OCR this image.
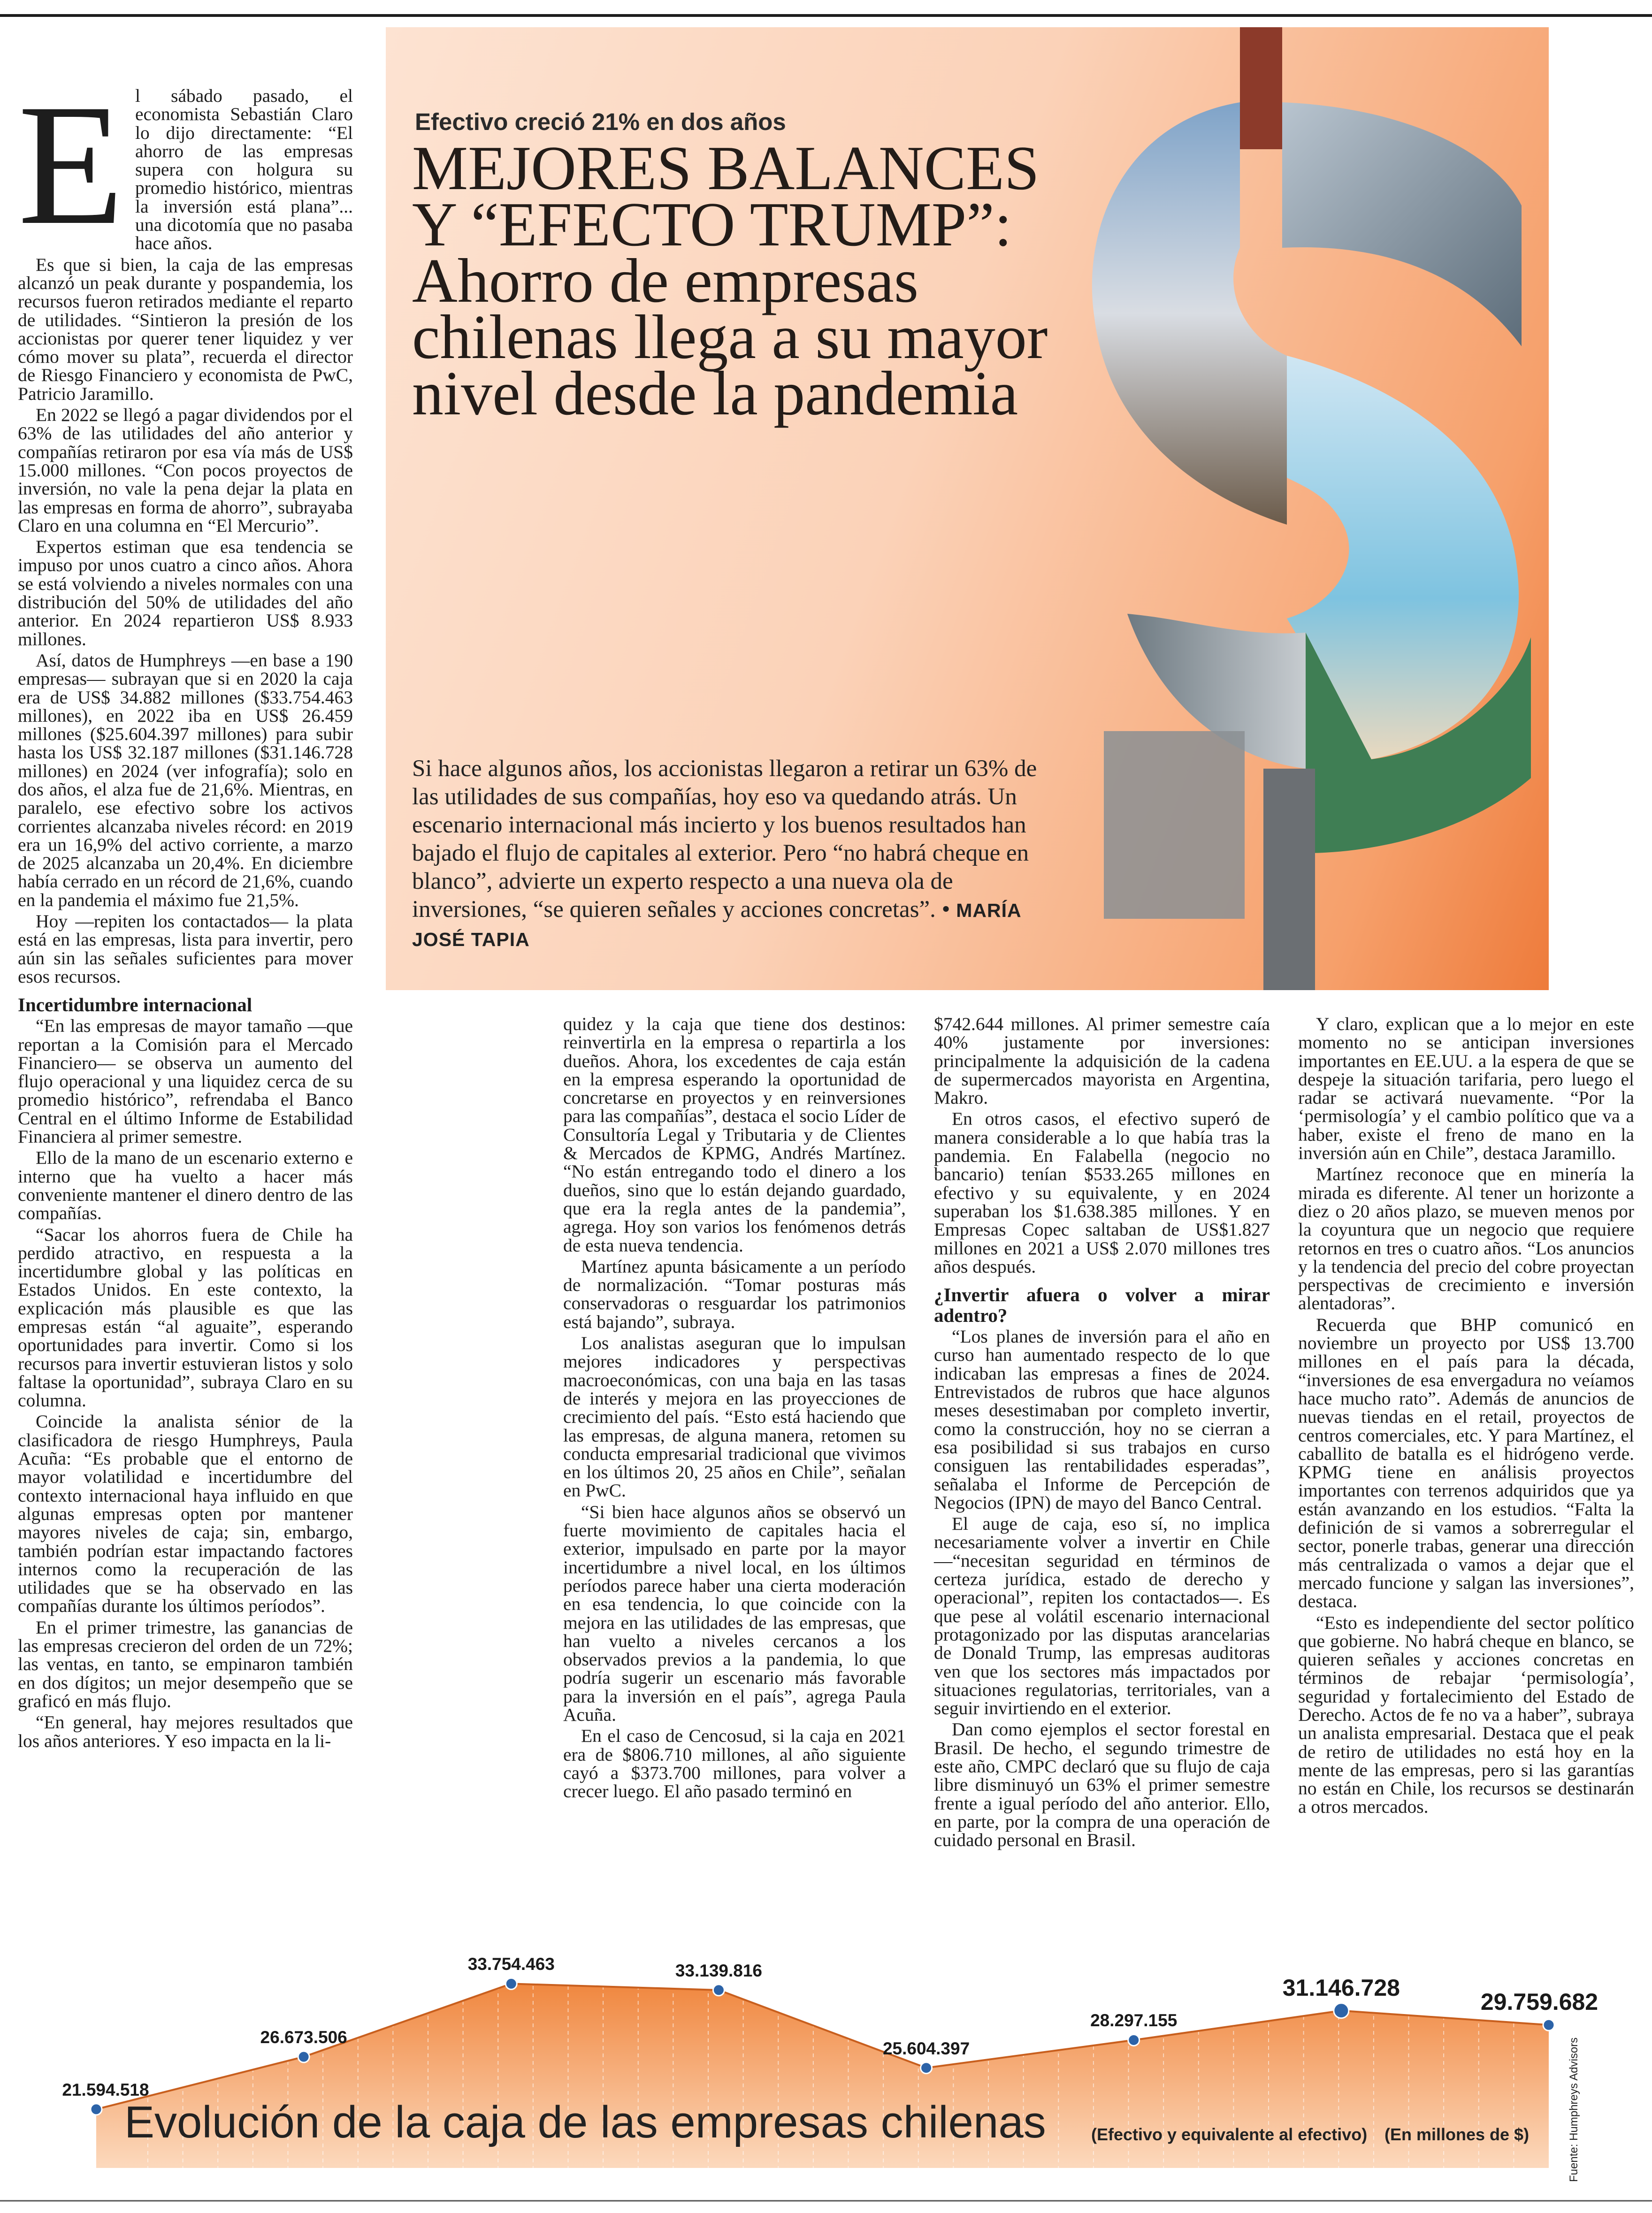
E l sábado pasado, el economista Sebastián Claro lo dijo directamente: “El ahorro de las empresas supera con holgura su promedio histórico, mientras la inversión está plana”... una dicotomía que no pasaba hace años.

Es que si bien, la caja de las empresas alcanzó un peak durante y pospandemia, los recursos fueron retirados mediante el reparto de utilidades. “Sintieron la presión de los accionistas por querer tener liquidez y ver cómo mover su plata”, recuerda el director de Riesgo Financiero y economista de PwC, Patricio Jaramillo.

En 2022 se llegó a pagar dividendos por el 63% de las utilidades del año anterior y compañías retiraron por esa vía más de US$ 15.000 millones. “Con pocos proyectos de inversión, no vale la pena dejar la plata en las empresas en forma de ahorro”, subrayaba Claro en una columna en “El Mercurio”.

Expertos estiman que esa tendencia se impuso por unos cuatro a cinco años. Ahora se está volviendo a niveles normales con una distribución del 50% de utilidades del año anterior. En 2024 repartieron US$ 8.933 millones.

Así, datos de Humphreys —en base a 190 empresas— subrayan que si en 2020 la caja era de US$ 34.882 millones ($33.754.463 millones), en 2022 iba en US$ 26.459 millones ($25.604.397 millones) para subir hasta los US$ 32.187 millones ($31.146.728 millones) en 2024 (ver infografía); solo en dos años, el alza fue de 21,6%. Mientras, en paralelo, ese efectivo sobre los activos corrientes alcanzaba niveles récord: en 2019 era un 16,9% del activo corriente, a marzo de 2025 alcanzaba un 20,4%. En diciembre había cerrado en un récord de 21,6%, cuando en la pandemia el máximo fue 21,5%.

Hoy —repiten los contactados— la plata está en las empresas, lista para invertir, pero aún sin las señales suficientes para mover esos recursos.

Incertidumbre internacional

“En las empresas de mayor tamaño —que reportan a la Comisión para el Mercado Financiero— se observa un aumento del flujo operacional y una liquidez cerca de su promedio histórico”, refrendaba el Banco Central en el último Informe de Estabilidad Financiera al primer semestre.

Ello de la mano de un escenario externo e interno que ha vuelto a hacer más conveniente mantener el dinero dentro de las compañías.

“Sacar los ahorros fuera de Chile ha perdido atractivo, en respuesta a la incertidumbre global y las políticas en Estados Unidos. En este contexto, la explicación más plausible es que las empresas están “al aguaite”, esperando oportunidades para invertir. Como si los recursos para invertir estuvieran listos y solo faltase la oportunidad”, subraya Claro en su columna.

Coincide la analista sénior de la clasificadora de riesgo Humphreys, Paula Acuña: “Es probable que el entorno de mayor volatilidad e incertidumbre del contexto internacional haya influido en que algunas empresas opten por mantener mayores niveles de caja; sin, embargo, también podrían estar impactando factores internos como la recuperación de las utilidades que se ha observado en las compañías durante los últimos períodos”.

En el primer trimestre, las ganancias de las empresas crecieron del orden de un 72%; las ventas, en tanto, se empinaron también en dos dígitos; un mejor desempeño que se graficó en más flujo.

“En general, hay mejores resultados que los años anteriores. Y eso impacta en la li-

Efectivo creció 21% en dos años
MEJORES BALANCES Y “EFECTO TRUMP”: Ahorro de empresas chilenas llega a su mayor nivel desde la pandemia
Si hace algunos años, los accionistas llegaron a retirar un 63% de las utilidades de sus compañías, hoy eso va quedando atrás. Un escenario internacional más incierto y los buenos resultados han bajado el flujo de capitales al exterior. Pero “no habrá cheque en blanco”, advierte un experto respecto a una nueva ola de inversiones, “se quieren señales y acciones concretas”. • MARÍA JOSÉ TAPIA

quidez y la caja que tiene dos destinos: reinvertirla en la empresa o repartirla a los dueños. Ahora, los excedentes de caja están en la empresa esperando la oportunidad de concretarse en proyectos y en reinversiones para las compañías”, destaca el socio Líder de Consultoría Legal y Tributaria y de Clientes & Mercados de KPMG, Andrés Martínez. “No están entregando todo el dinero a los dueños, sino que lo están dejando guardado, que era la regla antes de la pandemia”, agrega. Hoy son varios los fenómenos detrás de esta nueva tendencia.

Martínez apunta básicamente a un período de normalización. “Tomar posturas más conservadoras o resguardar los patrimonios está bajando”, subraya.

Los analistas aseguran que lo impulsan mejores indicadores y perspectivas macroeconómicas, con una baja en las tasas de interés y mejora en las proyecciones de crecimiento del país. “Esto está haciendo que las empresas, de alguna manera, retomen su conducta empresarial tradicional que vivimos en los últimos 20, 25 años en Chile”, señalan en PwC.

“Si bien hace algunos años se observó un fuerte movimiento de capitales hacia el exterior, impulsado en parte por la mayor incertidumbre a nivel local, en los últimos períodos parece haber una cierta moderación en esa tendencia, lo que coincide con la mejora en las utilidades de las empresas, que han vuelto a niveles cercanos a los observados previos a la pandemia, lo que podría sugerir un escenario más favorable para la inversión en el país”, agrega Paula Acuña.

En el caso de Cencosud, si la caja en 2021 era de $806.710 millones, al año siguiente cayó a $373.700 millones, para volver a crecer luego. El año pasado terminó en

$742.644 millones. Al primer semestre caía 40% justamente por inversiones: principalmente la adquisición de la cadena de supermercados mayorista en Argentina, Makro.

En otros casos, el efectivo superó de manera considerable a lo que había tras la pandemia. En Falabella (negocio no bancario) tenían $533.265 millones en efectivo y su equivalente, y en 2024 superaban los $1.638.385 millones. Y en Empresas Copec saltaban de US$1.827 millones en 2021 a US$ 2.070 millones tres años después.

¿Invertir afuera o volver a mirar adentro?

“Los planes de inversión para el año en curso han aumentado respecto de lo que indicaban las empresas a fines de 2024. Entrevistados de rubros que hace algunos meses desestimaban por completo invertir, como la construcción, hoy no se cierran a esa posibilidad si sus trabajos en curso consiguen las rentabilidades esperadas”, señalaba el Informe de Percepción de Negocios (IPN) de mayo del Banco Central.

El auge de caja, eso sí, no implica necesariamente volver a invertir en Chile —“necesitan seguridad en términos de certeza jurídica, estado de derecho y operacional”, repiten los contactados—. Es que pese al volátil escenario internacional protagonizado por las disputas arancelarias de Donald Trump, las empresas auditoras ven que los sectores más impactados por situaciones regulatorias, territoriales, van a seguir invirtiendo en el exterior.

Dan como ejemplos el sector forestal en Brasil. De hecho, el segundo trimestre de este año, CMPC declaró que su flujo de caja libre disminuyó un 63% el primer semestre frente a igual período del año anterior. Ello, en parte, por la compra de una operación de cuidado personal en Brasil.

Y claro, explican que a lo mejor en este momento no se anticipan inversiones importantes en EE.UU. a la espera de que se despeje la situación tarifaria, pero luego el radar se activará nuevamente. “Por la ‘permisología’ y el cambio político que va a haber, existe el freno de mano en la inversión aún en Chile”, destaca Jaramillo.

Martínez reconoce que en minería la mirada es diferente. Al tener un horizonte a diez o 20 años plazo, se mueven menos por la coyuntura que un negocio que requiere retornos en tres o cuatro años. “Los anuncios y la tendencia del precio del cobre proyectan perspectivas de crecimiento e inversión alentadoras”.

Recuerda que BHP comunicó en noviembre un proyecto por US$ 13.700 millones en el país para la década, “inversiones de esa envergadura no veíamos hace mucho rato”. Además de anuncios de nuevas tiendas en el retail, proyectos de centros comerciales, etc. Y para Martínez, el caballito de batalla es el hidrógeno verde. KPMG tiene en análisis proyectos importantes con terrenos adquiridos que ya están avanzando en los estudios. “Falta la definición de si vamos a sobrerregular el sector, ponerle trabas, generar una dirección más centralizada o vamos a dejar que el mercado funcione y salgan las inversiones”, destaca.

“Esto es independiente del sector político que gobierne. No habrá cheque en blanco, se quieren señales y acciones concretas en términos de rebajar ‘permisología’, seguridad y fortalecimiento del Estado de Derecho. Actos de fe no va a haber”, subraya un analista empresarial. Destaca que el peak de retiro de utilidades no está hoy en la mente de las empresas, pero si las garantías no están en Chile, los recursos se destinarán a otros mercados.

21.594.518
26.673.506
33.754.463	33.139.816
25.604.397
28.297.155
31.146.728
29.759.682
Evolución de la caja de las empresas chilenas	(Efectivo y equivalente al efectivo) (En millones de $)	Fuente: Humphreys Advisors
